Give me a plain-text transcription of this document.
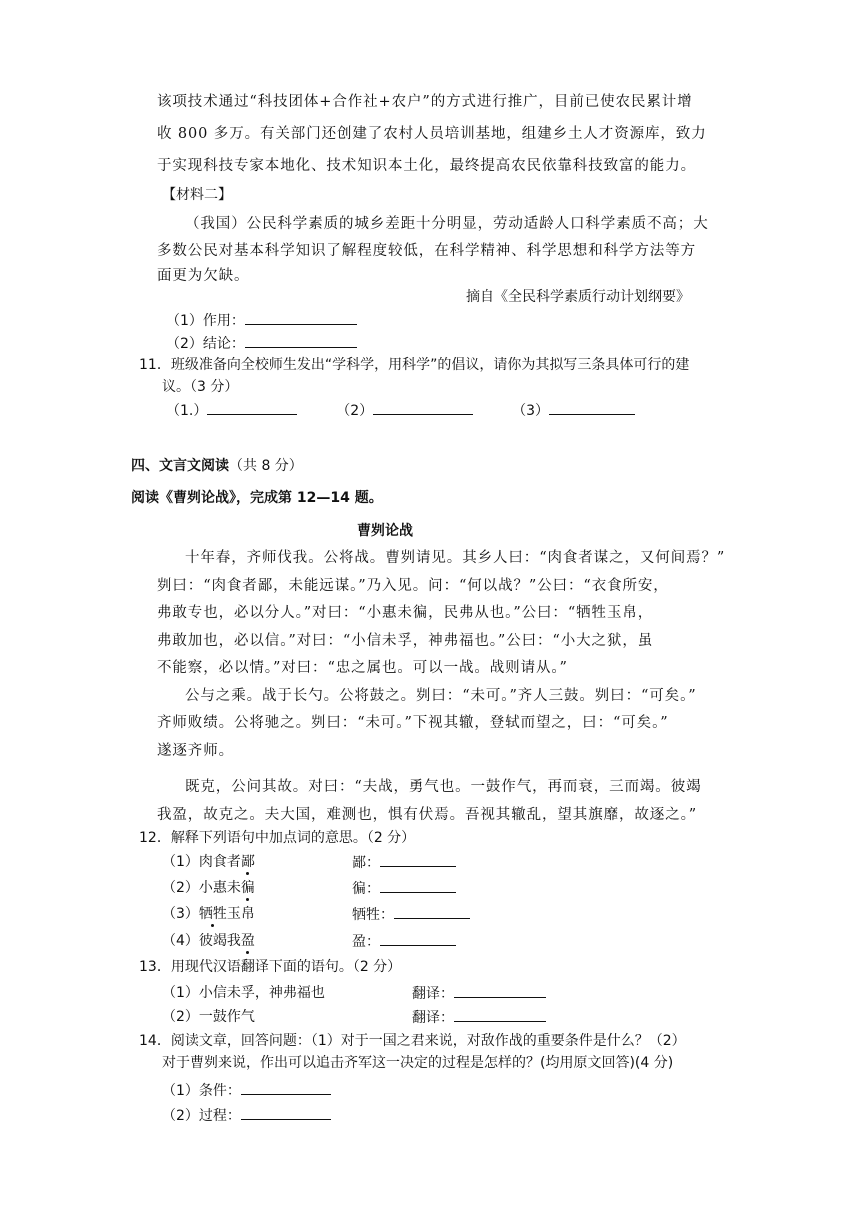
该项技术通过“科技团体+合作社+农户”的方式进行推广，目前已使农民累计增
收 800 多万。有关部门还创建了农村人员培训基地，组建乡土人才资源库，致力
于实现科技专家本地化、技术知识本土化，最终提高农民依靠科技致富的能力。
【材料二】
（我国）公民科学素质的城乡差距十分明显，劳动适龄人口科学素质不高；大
多数公民对基本科学知识了解程度较低，在科学精神、科学思想和科学方法等方
面更为欠缺。
摘自《全民科学素质行动计划纲要》
（1）作用：
（2）结论：
11．班级准备向全校师生发出“学科学，用科学”的倡议，请你为其拟写三条具体可行的建
议。（3 分）
（1.）	（2）	（3）
四、文言文阅读（共 8 分）
阅读《曹刿论战》，完成第 12—14 题。
曹刿论战
十年春，齐师伐我。公将战。曹刿请见。其乡人曰：“肉食者谋之，又何间焉？”
刿曰：“肉食者鄙，未能远谋。”乃入见。问：“何以战？”公曰：“衣食所安，
弗敢专也，必以分人。”对曰：“小惠未徧，民弗从也。”公曰：“牺牲玉帛，
弗敢加也，必以信。”对曰：“小信未孚，神弗福也。”公曰：“小大之狱，虽
不能察，必以情。”对曰：“忠之属也。可以一战。战则请从。”
公与之乘。战于长勺。公将鼓之。刿曰：“未可。”齐人三鼓。刿曰：“可矣。”
齐师败绩。公将驰之。刿曰：“未可。”下视其辙，登轼而望之，曰：“可矣。”
遂逐齐师。
既克，公问其故。对曰：“夫战，勇气也。一鼓作气，再而衰，三而竭。彼竭
我盈，故克之。夫大国，难测也，惧有伏焉。吾视其辙乱，望其旗靡，故逐之。”
12．解释下列语句中加点词的意思。（2 分）
（1）肉食者鄙	鄙：
（2）小惠未徧	徧：
（3）牺牲玉帛	牺牲：
（4）彼竭我盈	盈：
13．用现代汉语翻译下面的语句。（2 分）
（1）小信未孚，神弗福也	翻译：
（2）一鼓作气	翻译：
14．阅读文章，回答问题：（1）对于一国之君来说，对敌作战的重要条件是什么？（2）
对于曹刿来说，作出可以追击齐军这一决定的过程是怎样的？(均用原文回答)(4 分)
（1）条件：
（2）过程：
